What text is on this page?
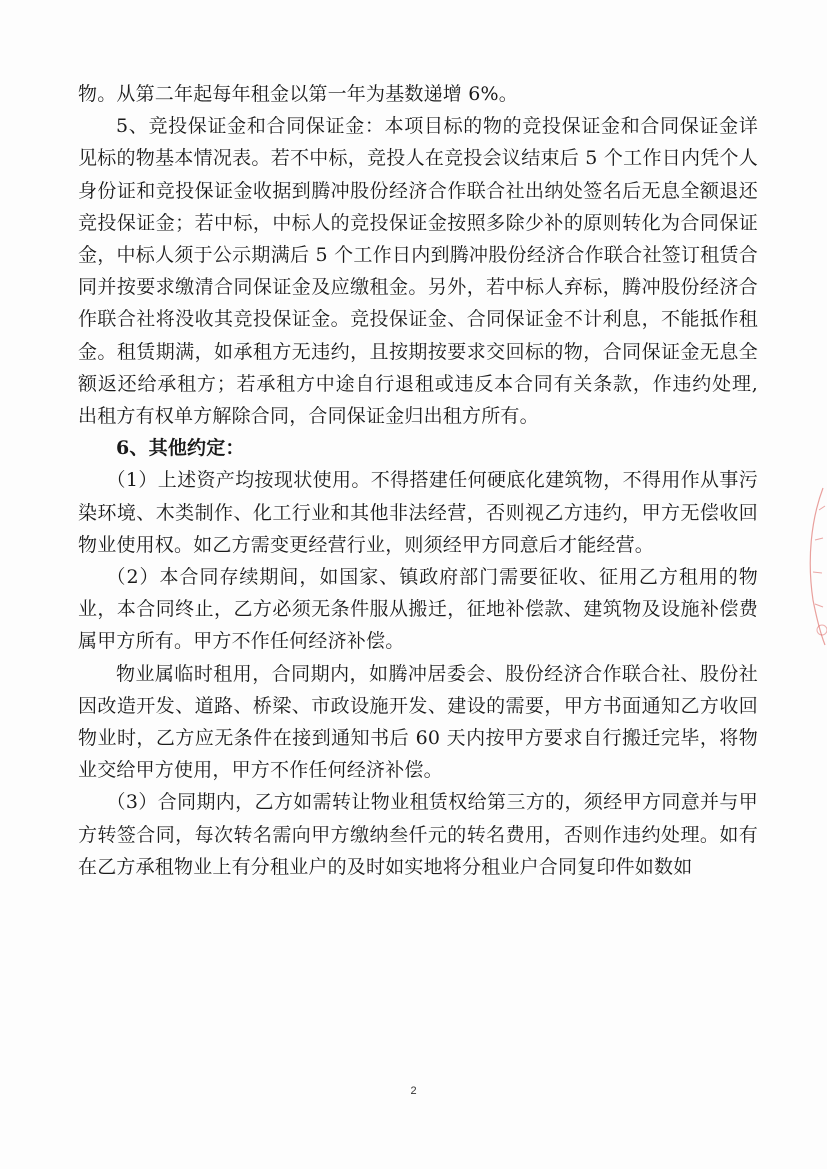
物。从第二年起每年租金以第一年为基数递增 6%。

5、竞投保证金和合同保证金：本项目标的物的竞投保证金和合同保证金详见标的物基本情况表。若不中标，竞投人在竞投会议结束后 5 个工作日内凭个人身份证和竞投保证金收据到腾冲股份经济合作联合社出纳处签名后无息全额退还竞投保证金；若中标，中标人的竞投保证金按照多除少补的原则转化为合同保证金，中标人须于公示期满后 5 个工作日内到腾冲股份经济合作联合社签订租赁合同并按要求缴清合同保证金及应缴租金。另外，若中标人弃标，腾冲股份经济合作联合社将没收其竞投保证金。竞投保证金、合同保证金不计利息，不能抵作租金。租赁期满，如承租方无违约，且按期按要求交回标的物，合同保证金无息全额返还给承租方；若承租方中途自行退租或违反本合同有关条款，作违约处理, 出租方有权单方解除合同，合同保证金归出租方所有。

6、其他约定：

（1）上述资产均按现状使用。不得搭建任何硬底化建筑物，不得用作从事污染环境、木类制作、化工行业和其他非法经营，否则视乙方违约，甲方无偿收回物业使用权。如乙方需变更经营行业，则须经甲方同意后才能经营。

（2）本合同存续期间，如国家、镇政府部门需要征收、征用乙方租用的物业，本合同终止，乙方必须无条件服从搬迁，征地补偿款、建筑物及设施补偿费属甲方所有。甲方不作任何经济补偿。

物业属临时租用，合同期内，如腾冲居委会、股份经济合作联合社、股份社因改造开发、道路、桥梁、市政设施开发、建设的需要，甲方书面通知乙方收回物业时，乙方应无条件在接到通知书后 60 天内按甲方要求自行搬迁完毕，将物业交给甲方使用，甲方不作任何经济补偿。

（3）合同期内，乙方如需转让物业租赁权给第三方的，须经甲方同意并与甲方转签合同，每次转名需向甲方缴纳叁仟元的转名费用，否则作违约处理。如有在乙方承租物业上有分租业户的及时如实地将分租业户合同复印件如数如

2
